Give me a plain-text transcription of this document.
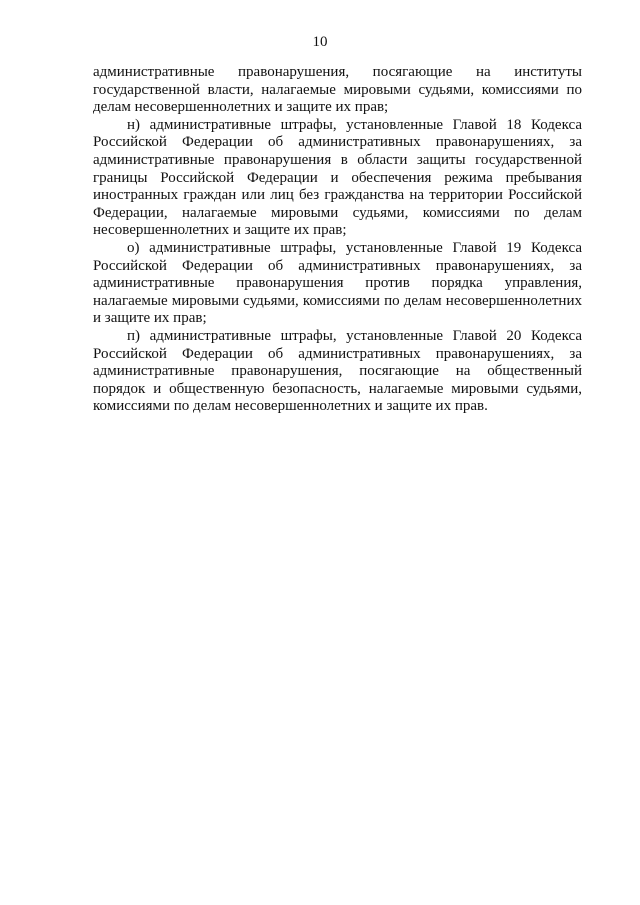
10

административные правонарушения, посягающие на институты государственной власти, налагаемые мировыми судьями, комиссиями по делам несовершеннолетних и защите их прав;

н) административные штрафы, установленные Главой 18 Кодекса Российской Федерации об административных правонарушениях, за административные правонарушения в области защиты государственной границы Российской Федерации и обеспечения режима пребывания иностранных граждан или лиц без гражданства на территории Российской Федерации, налагаемые мировыми судьями, комиссиями по делам несовершеннолетних и защите их прав;

о) административные штрафы, установленные Главой 19 Кодекса Российской Федерации об административных правонарушениях, за административные правонарушения против порядка управления, налагаемые мировыми судьями, комиссиями по делам несовершеннолетних и защите их прав;

п) административные штрафы, установленные Главой 20 Кодекса Российской Федерации об административных правонарушениях, за административные правонарушения, посягающие на общественный порядок и общественную безопасность, налагаемые мировыми судьями, комиссиями по делам несовершеннолетних и защите их прав.
